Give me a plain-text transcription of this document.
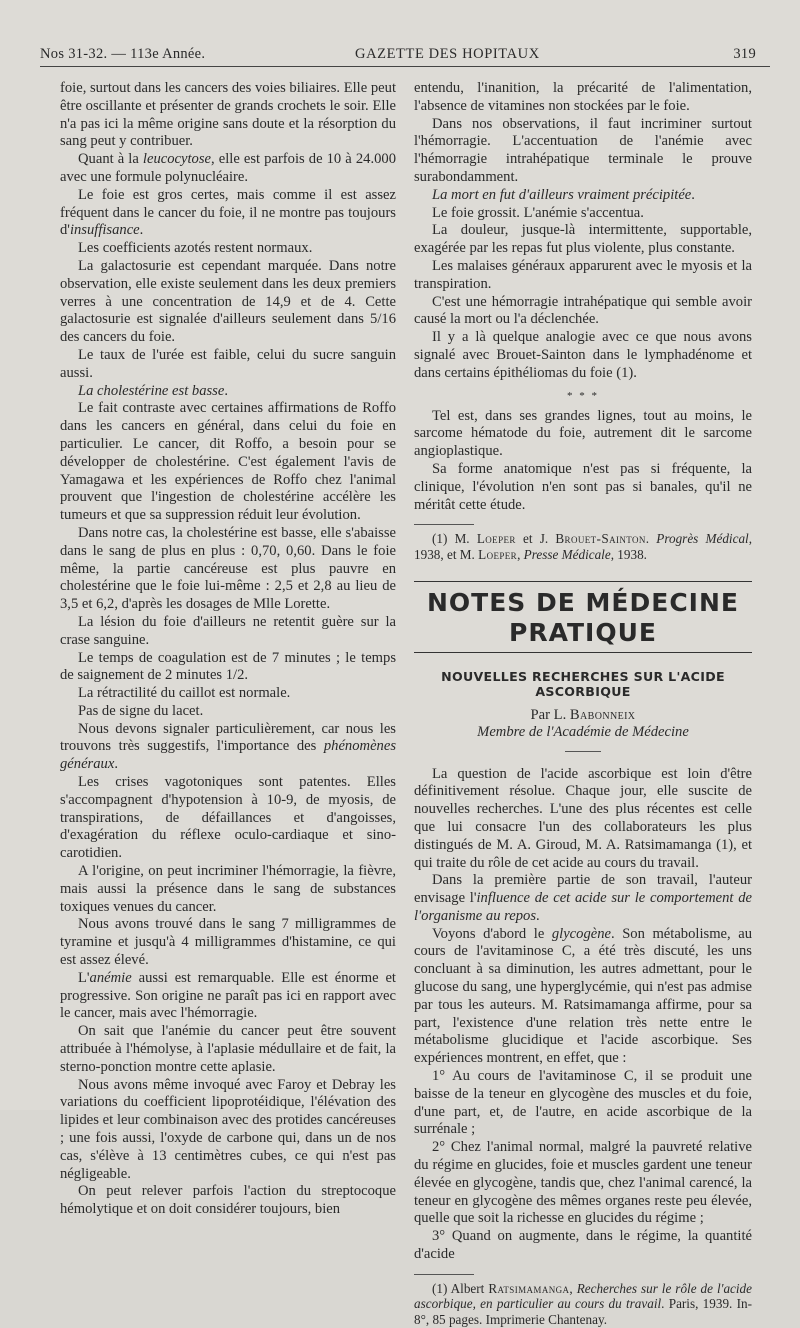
Nos 31-32. — 113e Année.	GAZETTE DES HOPITAUX	319

foie, surtout dans les cancers des voies biliaires. Elle peut être oscillante et présenter de grands crochets le soir. Elle n'a pas ici la même origine sans doute et la résorption du sang peut y contribuer.

Quant à la leucocytose, elle est parfois de 10 à 24.000 avec une formule polynucléaire.

Le foie est gros certes, mais comme il est assez fréquent dans le cancer du foie, il ne montre pas toujours d'insuffisance.

Les coefficients azotés restent normaux.

La galactosurie est cependant marquée. Dans notre observation, elle existe seulement dans les deux premiers verres à une concentration de 14,9 et de 4. Cette galactosurie est signalée d'ailleurs seulement dans 5/16 des cancers du foie.

Le taux de l'urée est faible, celui du sucre sanguin aussi.

La cholestérine est basse.

Le fait contraste avec certaines affirmations de Roffo dans les cancers en général, dans celui du foie en particulier. Le cancer, dit Roffo, a besoin pour se développer de cholestérine. C'est également l'avis de Yamagawa et les expériences de Roffo chez l'animal prouvent que l'ingestion de cholestérine accélère les tumeurs et que sa suppression réduit leur évolution.

Dans notre cas, la cholestérine est basse, elle s'abaisse dans le sang de plus en plus : 0,70, 0,60. Dans le foie même, la partie cancéreuse est plus pauvre en cholestérine que le foie lui-même : 2,5 et 2,8 au lieu de 3,5 et 6,2, d'après les dosages de Mlle Lorette.

La lésion du foie d'ailleurs ne retentit guère sur la crase sanguine.

Le temps de coagulation est de 7 minutes ; le temps de saignement de 2 minutes 1/2.

La rétractilité du caillot est normale.

Pas de signe du lacet.

Nous devons signaler particulièrement, car nous les trouvons très suggestifs, l'importance des phénomènes généraux.

Les crises vagotoniques sont patentes. Elles s'accompagnent d'hypotension à 10-9, de myosis, de transpirations, de défaillances et d'angoisses, d'exagération du réflexe oculo-cardiaque et sino-carotidien.

A l'origine, on peut incriminer l'hémorragie, la fièvre, mais aussi la présence dans le sang de substances toxiques venues du cancer.

Nous avons trouvé dans le sang 7 milligrammes de tyramine et jusqu'à 4 milligrammes d'histamine, ce qui est assez élevé.

L'anémie aussi est remarquable. Elle est énorme et progressive. Son origine ne paraît pas ici en rapport avec le cancer, mais avec l'hémorragie.

On sait que l'anémie du cancer peut être souvent attribuée à l'hémolyse, à l'aplasie médullaire et de fait, la sterno-ponction montre cette aplasie.

Nous avons même invoqué avec Faroy et Debray les variations du coefficient lipoprotéidique, l'élévation des lipides et leur combinaison avec des protides cancéreuses ; une fois aussi, l'oxyde de carbone qui, dans un de nos cas, s'élève à 13 centimètres cubes, ce qui n'est pas négligeable.

On peut relever parfois l'action du streptocoque hémolytique et on doit considérer toujours, bien

entendu, l'inanition, la précarité de l'alimentation, l'absence de vitamines non stockées par le foie.

Dans nos observations, il faut incriminer surtout l'hémorragie. L'accentuation de l'anémie avec l'hémorragie intrahépatique terminale le prouve surabondamment.

La mort en fut d'ailleurs vraiment précipitée.

Le foie grossit. L'anémie s'accentua.

La douleur, jusque-là intermittente, supportable, exagérée par les repas fut plus violente, plus constante.

Les malaises généraux apparurent avec le myosis et la transpiration.

C'est une hémorragie intrahépatique qui semble avoir causé la mort ou l'a déclenchée.

Il y a là quelque analogie avec ce que nous avons signalé avec Brouet-Sainton dans le lymphadénome et dans certains épithéliomas du foie (1).

* * *

Tel est, dans ses grandes lignes, tout au moins, le sarcome hématode du foie, autrement dit le sarcome angioplastique.

Sa forme anatomique n'est pas si fréquente, la clinique, l'évolution n'en sont pas si banales, qu'il ne méritât cette étude.

(1) M. Loeper et J. Brouet-Sainton. Progrès Médical, 1938, et M. Loeper, Presse Médicale, 1938.

NOTES DE MÉDECINE PRATIQUE
NOUVELLES RECHERCHES SUR L'ACIDE ASCORBIQUE
Par L. Babonneix
Membre de l'Académie de Médecine

La question de l'acide ascorbique est loin d'être définitivement résolue. Chaque jour, elle suscite de nouvelles recherches. L'une des plus récentes est celle que lui consacre l'un des collaborateurs les plus distingués de M. A. Giroud, M. A. Ratsimamanga (1), et qui traite du rôle de cet acide au cours du travail.

Dans la première partie de son travail, l'auteur envisage l'influence de cet acide sur le comportement de l'organisme au repos.

Voyons d'abord le glycogène. Son métabolisme, au cours de l'avitaminose C, a été très discuté, les uns concluant à sa diminution, les autres admettant, pour le glucose du sang, une hyperglycémie, qui n'est pas admise par tous les auteurs. M. Ratsimamanga affirme, pour sa part, l'existence d'une relation très nette entre le métabolisme glucidique et l'acide ascorbique. Ses expériences montrent, en effet, que :

1° Au cours de l'avitaminose C, il se produit une baisse de la teneur en glycogène des muscles et du foie, d'une part, et, de l'autre, en acide ascorbique de la surrénale ;

2° Chez l'animal normal, malgré la pauvreté relative du régime en glucides, foie et muscles gardent une teneur élevée en glycogène, tandis que, chez l'animal carencé, la teneur en glycogène des mêmes organes reste peu élevée, quelle que soit la richesse en glucides du régime ;

3° Quand on augmente, dans le régime, la quantité d'acide

(1) Albert Ratsimamanga, Recherches sur le rôle de l'acide ascorbique, en particulier au cours du travail. Paris, 1939. In-8°, 85 pages. Imprimerie Chantenay.
